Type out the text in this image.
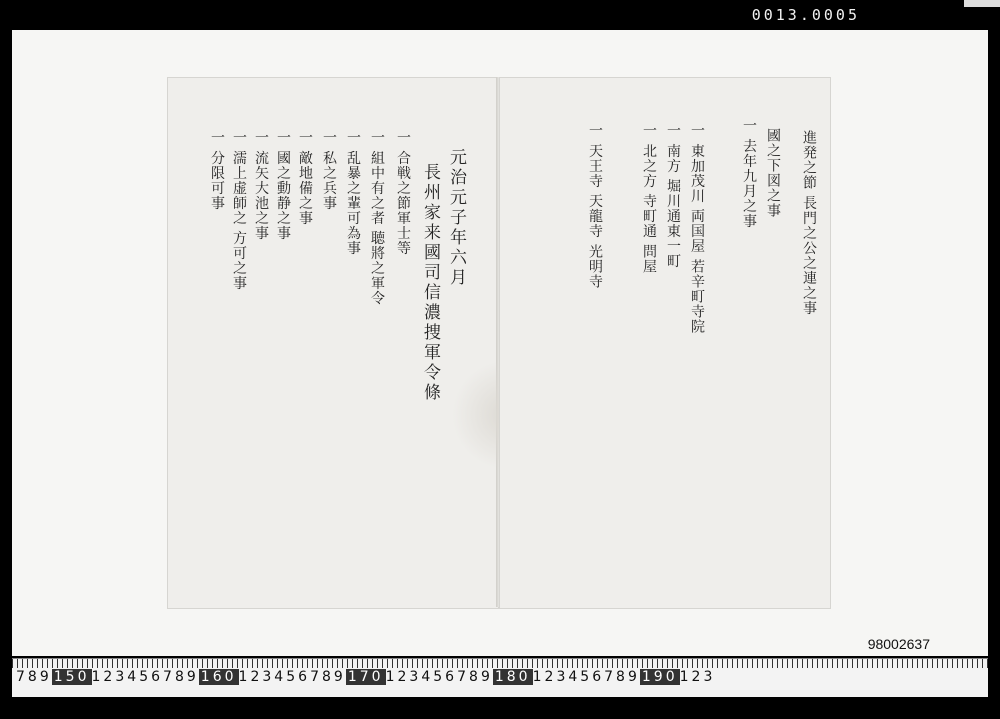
0013.0005
元治元子年六月
長州家来國司信濃捜軍令條
一 合戦之節軍士等
一 組中有之者 聴將之軍令
一 乱暴之輩可為事
一 私之兵事
一 敵地備之事
一 國之動静之事
一 流矢大池之事
一 濡上虚師之 方可之事
一 分限可事	進発之節 長門之公之連之事
國之下図之事
一 去年九月之事
一 東加茂川 両国屋 若辛町寺院
一 南方 堀川通東一町
一 北之方 寺町通 問屋
一 天王寺 天龍寺 光明寺
98002637
789 150 123456789 160 123456789 170 123456789 180 123456789 190 123
